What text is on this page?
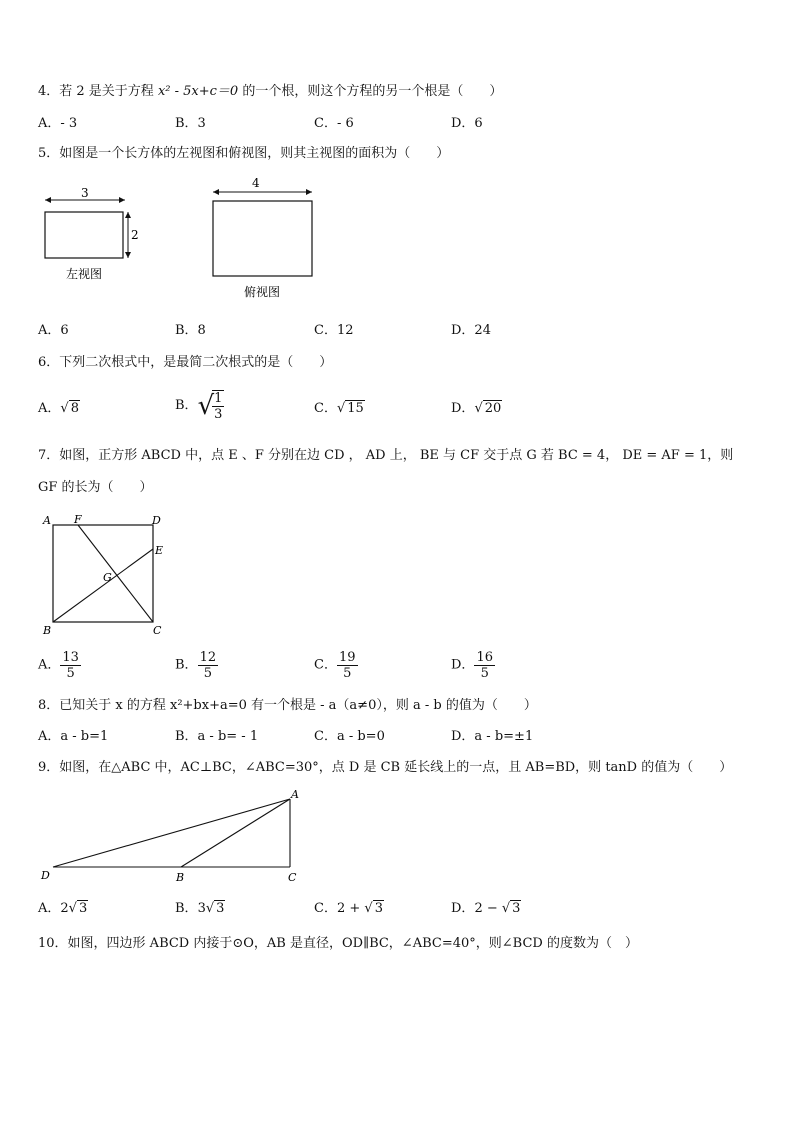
4．若 2 是关于方程 x² - 5x+c＝0 的一个根，则这个方程的另一个根是（　　）
A．- 3	B．3	C．- 6	D．6
5．如图是一个长方体的左视图和俯视图，则其主视图的面积为（　　）
3
2
左视图
4
俯视图
A．6	B．8	C．12	D．24
6．下列二次根式中，是最简二次根式的是（　　）
A．√ 8	B．√
$\frac{1}{3}$	C．√ 15	D．√ 20
7．如图，正方形 ABCD 中，点 E 、F 分别在边 CD ， AD 上， BE 与 CF 交于点 G 若 BC = 4， DE = AF = 1，则
GF 的长为（　　）
A F	D
E
G
B	C
A． $\frac{13}{5}$	B． $\frac{12}{5}$	C． $\frac{19}{5}$	D． $\frac{16}{5}$
8．已知关于 x 的方程 x²+bx+a=0 有一个根是 - a（a≠0），则 a - b 的值为（　　）
A．a - b=1	B．a - b= - 1	C．a - b=0	D．a - b=±1
9．如图，在△ABC 中，AC⊥BC，∠ABC=30°，点 D 是 CB 延长线上的一点，且 AB=BD，则 tanD 的值为（　　）
A
B	C
D
A．2√ 3	B．3√ 3	C．2 + √ 3	D．2 − √ 3
10．如图，四边形 ABCD 内接于⊙O，AB 是直径，OD∥BC，∠ABC=40°，则∠BCD 的度数为（　）
